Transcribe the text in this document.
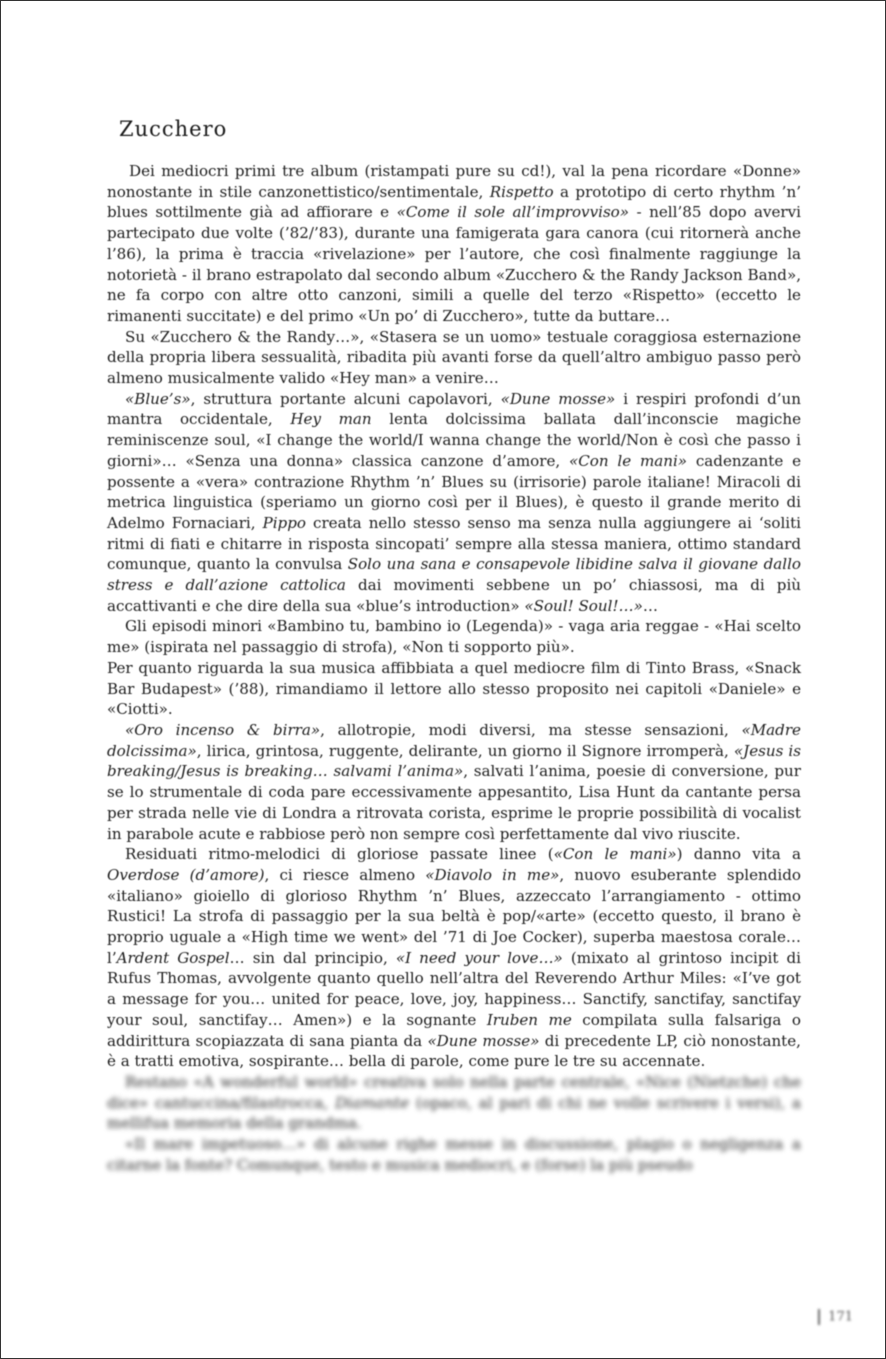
Zucchero

Dei mediocri primi tre album (ristampati pure su cd!), val la pena ricordare «Donne» nonostante in stile canzonettistico/sentimentale, Rispetto a prototipo di certo rhythm ’n’ blues sottilmente già ad affiorare e «Come il sole all’improvviso» - nell’85 dopo avervi partecipato due volte (’82/’83), durante una famigerata gara canora (cui ritornerà anche l’86), la prima è traccia «rivelazione» per l’autore, che così finalmente raggiunge la notorietà - il brano estrapolato dal secondo album «Zucchero & the Randy Jackson Band», ne fa corpo con altre otto canzoni, simili a quelle del terzo «Rispetto» (eccetto le rimanenti succitate) e del primo «Un po’ di Zucchero», tutte da buttare…

Su «Zucchero & the Randy…», «Stasera se un uomo» testuale coraggiosa esternazione della propria libera sessualità, ribadita più avanti forse da quell’altro ambiguo passo però almeno musicalmente valido «Hey man» a venire…

«Blue’s», struttura portante alcuni capolavori, «Dune mosse» i respiri profondi d’un mantra occidentale, Hey man lenta dolcissima ballata dall’inconscie magiche reminiscenze soul, «I change the world/I wanna change the world/Non è così che passo i giorni»… «Senza una donna» classica canzone d’amore, «Con le mani» cadenzante e possente a «vera» contrazione Rhythm ’n’ Blues su (irrisorie) parole italiane! Miracoli di metrica linguistica (speriamo un giorno così per il Blues), è questo il grande merito di Adelmo Fornaciari, Pippo creata nello stesso senso ma senza nulla aggiungere ai ‘soliti ritmi di fiati e chitarre in risposta sincopati’ sempre alla stessa maniera, ottimo standard comunque, quanto la convulsa Solo una sana e consapevole libidine salva il giovane dallo stress e dall’azione cattolica dai movimenti sebbene un po’ chiassosi, ma di più accattivanti e che dire della sua «blue’s introduction» «Soul! Soul!…»…

Gli episodi minori «Bambino tu, bambino io (Legenda)» - vaga aria reggae - «Hai scelto me» (ispirata nel passaggio di strofa), «Non ti sopporto più».

Per quanto riguarda la sua musica affibbiata a quel mediocre film di Tinto Brass, «Snack Bar Budapest» (’88), rimandiamo il lettore allo stesso proposito nei capitoli «Daniele» e «Ciotti».

«Oro incenso & birra», allotropie, modi diversi, ma stesse sensazioni, «Madre dolcissima», lirica, grintosa, ruggente, delirante, un giorno il Signore irromperà, «Jesus is breaking/Jesus is breaking… salvami l’anima», salvati l’anima, poesie di conversione, pur se lo strumentale di coda pare eccessivamente appesantito, Lisa Hunt da cantante persa per strada nelle vie di Londra a ritrovata corista, esprime le proprie possibilità di vocalist in parabole acute e rabbiose però non sempre così perfettamente dal vivo riuscite.

Residuati ritmo-melodici di gloriose passate linee («Con le mani») danno vita a Overdose (d’amore), ci riesce almeno «Diavolo in me», nuovo esuberante splendido «italiano» gioiello di glorioso Rhythm ’n’ Blues, azzeccato l’arrangiamento - ottimo Rustici! La strofa di passaggio per la sua beltà è pop/«arte» (eccetto questo, il brano è proprio uguale a «High time we went» del ’71 di Joe Cocker), superba maestosa corale… l’Ardent Gospel… sin dal principio, «I need your love…» (mixato al grintoso incipit di Rufus Thomas, avvolgente quanto quello nell’altra del Reverendo Arthur Miles: «I’ve got a message for you… united for peace, love, joy, happiness… Sanctify, sanctifay, sanctifay your soul, sanctifay… Amen») e la sognante Iruben me compilata sulla falsariga o addirittura scopiazzata di sana pianta da «Dune mosse» di precedente LP, ciò nonostante, è a tratti emotiva, sospirante… bella di parole, come pure le tre su accennate.

Restano «A wonderful world» creativa solo nella parte centrale, «Nice (Nietzche) che dice» cantuccina/filastrocca, Diamante (opaco, al pari di chi ne volle scrivere i versi), a mellifua memoria della grandma.

«Il mare impetuoso…» di alcune righe messe in discussione, plagio o negligenza a citarne la fonte? Comunque, testo e musica mediocri, e (forse) la più pseudo

171
